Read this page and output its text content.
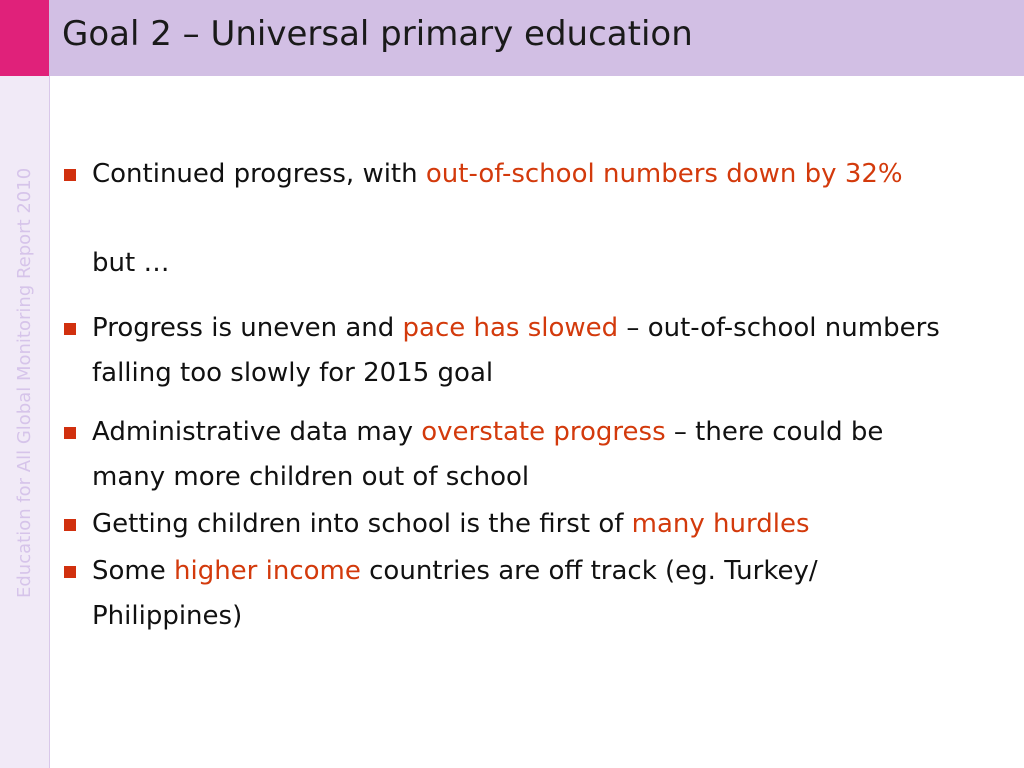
Goal 2 – Universal primary education
Education for All Global Monitoring Report 2010	Continued progress, with out-of-school numbers down by 32%

but …

Progress is uneven and pace has slowed – out-of-school numbers falling too slowly for 2015 goal

Administrative data may overstate progress – there could be many more children out of school

Getting children into school is the first of many hurdles

Some higher income countries are off track (eg. Turkey/ Philippines)
